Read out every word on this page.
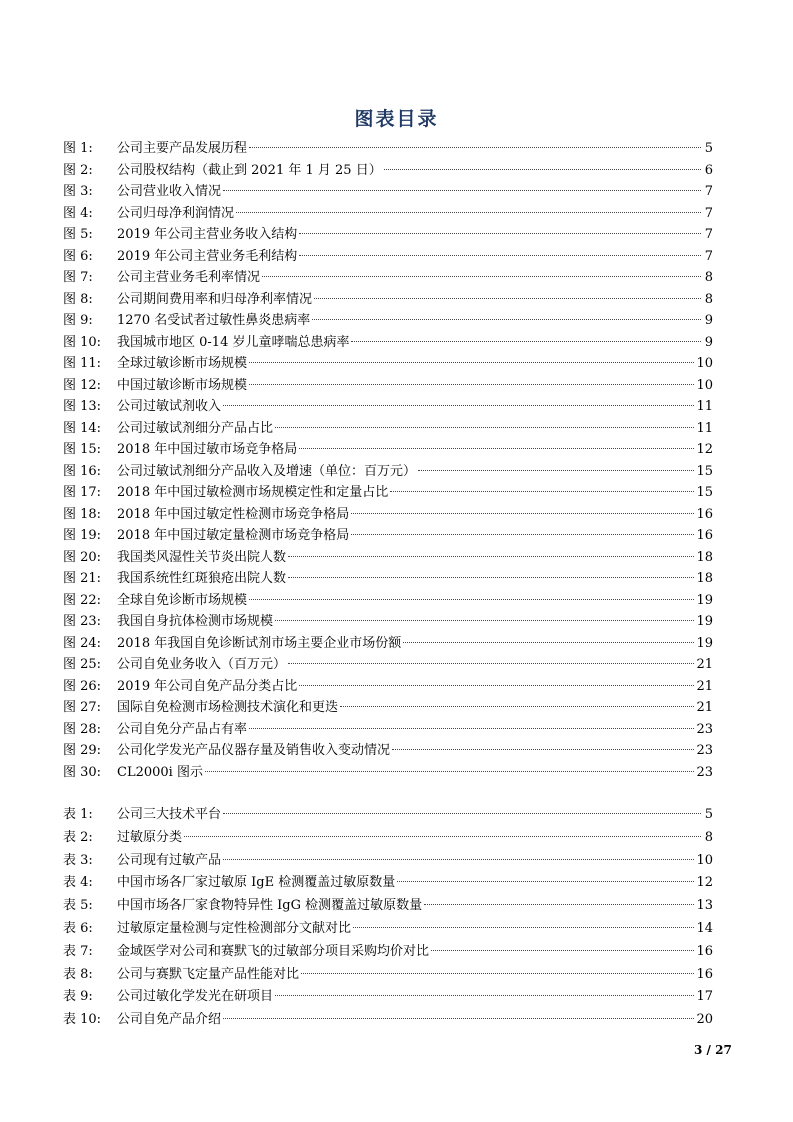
图表目录
图 1:	公司主要产品发展历程	5
图 2:	公司股权结构（截止到 2021 年 1 月 25 日）	6
图 3:	公司营业收入情况	7
图 4:	公司归母净利润情况	7
图 5:	2019 年公司主营业务收入结构	7
图 6:	2019 年公司主营业务毛利结构	7
图 7:	公司主营业务毛利率情况	8
图 8:	公司期间费用率和归母净利率情况	8
图 9:	1270 名受试者过敏性鼻炎患病率	9
图 10:	我国城市地区 0-14 岁儿童哮喘总患病率	9
图 11:	全球过敏诊断市场规模	10
图 12:	中国过敏诊断市场规模	10
图 13:	公司过敏试剂收入	11
图 14:	公司过敏试剂细分产品占比	11
图 15:	2018 年中国过敏市场竞争格局	12
图 16:	公司过敏试剂细分产品收入及增速（单位：百万元）	15
图 17:	2018 年中国过敏检测市场规模定性和定量占比	15
图 18:	2018 年中国过敏定性检测市场竞争格局	16
图 19:	2018 年中国过敏定量检测市场竞争格局	16
图 20:	我国类风湿性关节炎出院人数	18
图 21:	我国系统性红斑狼疮出院人数	18
图 22:	全球自免诊断市场规模	19
图 23:	我国自身抗体检测市场规模	19
图 24:	2018 年我国自免诊断试剂市场主要企业市场份额	19
图 25:	公司自免业务收入（百万元）	21
图 26:	2019 年公司自免产品分类占比	21
图 27:	国际自免检测市场检测技术演化和更迭	21
图 28:	公司自免分产品占有率	23
图 29:	公司化学发光产品仪器存量及销售收入变动情况	23
图 30:	CL2000i 图示	23
表 1:	公司三大技术平台	5
表 2:	过敏原分类	8
表 3:	公司现有过敏产品	10
表 4:	中国市场各厂家过敏原 IgE 检测覆盖过敏原数量	12
表 5:	中国市场各厂家食物特异性 IgG 检测覆盖过敏原数量	13
表 6:	过敏原定量检测与定性检测部分文献对比	14
表 7:	金域医学对公司和赛默飞的过敏部分项目采购均价对比	16
表 8:	公司与赛默飞定量产品性能对比	16
表 9:	公司过敏化学发光在研项目	17
表 10:	公司自免产品介绍	20
3 / 27
